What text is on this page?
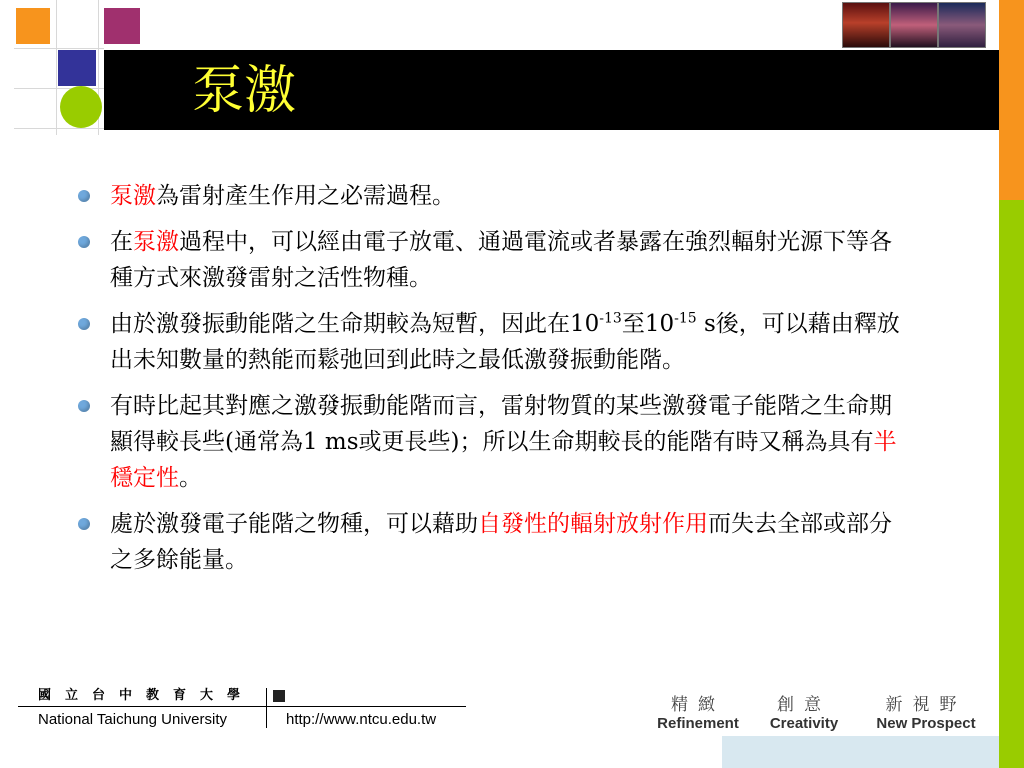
泵激
泵激為雷射產生作用之必需過程。
在泵激過程中，可以經由電子放電、通過電流或者暴露在強烈輻射光源下等各種方式來激發雷射之活性物種。
由於激發振動能階之生命期較為短暫，因此在$10^{-13}$至$10^{-15}$ s後，可以藉由釋放出未知數量的熱能而鬆弛回到此時之最低激發振動能階。
有時比起其對應之激發振動能階而言，雷射物質的某些激發電子能階之生命期顯得較長些(通常為1 ms或更長些)；所以生命期較長的能階有時又稱為具有半穩定性。
處於激發電子能階之物種，可以藉助自發性的輻射放射作用而失去全部或部分之多餘能量。
國立台中教育大學
National Taichung University	http://www.ntcu.edu.tw
精緻
Refinement
創意
Creativity
新視野
New Prospect
